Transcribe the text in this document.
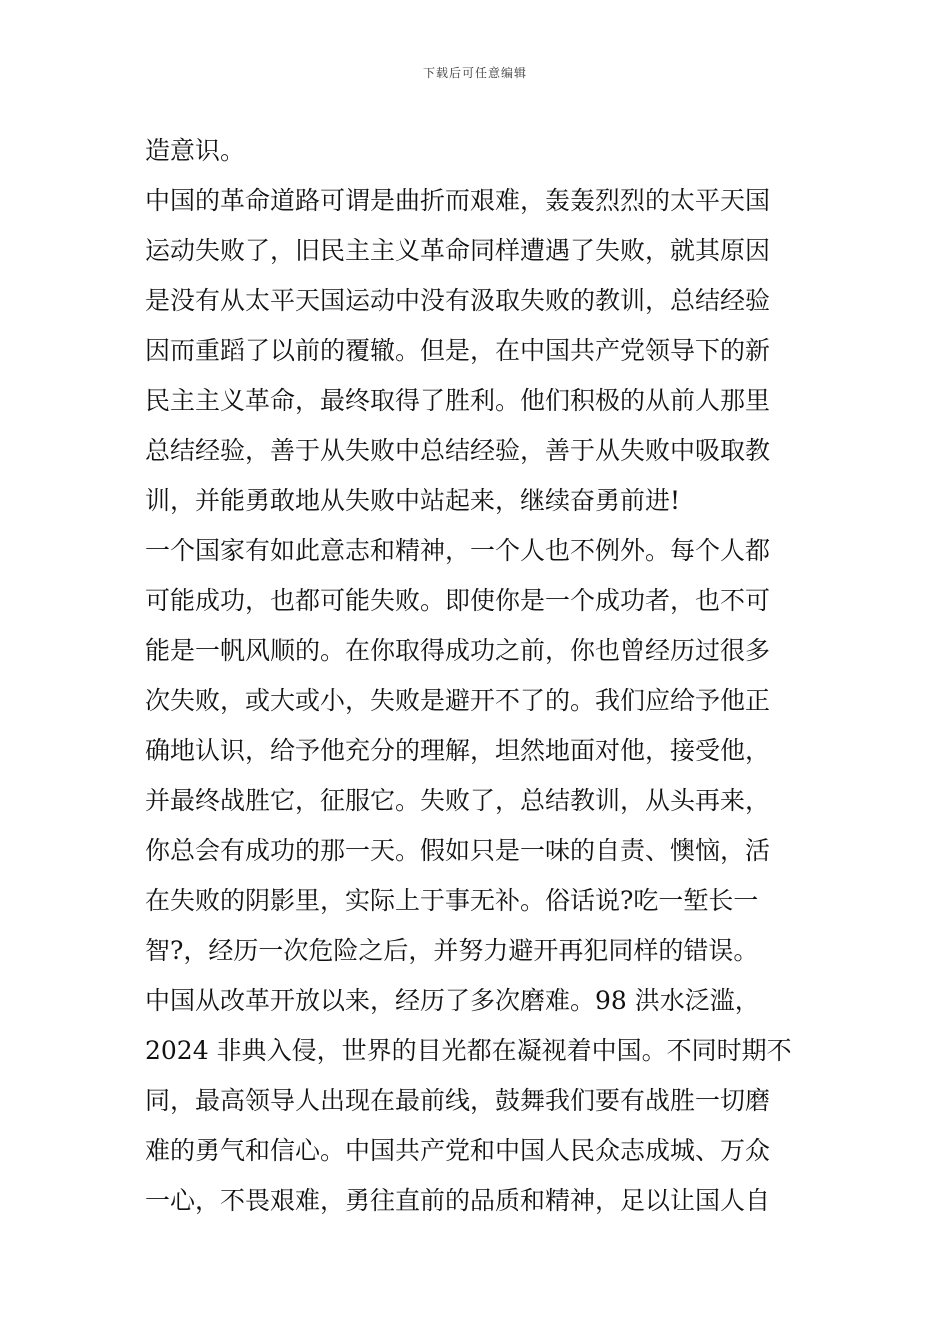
下载后可任意编辑
造意识。
中国的革命道路可谓是曲折而艰难，轰轰烈烈的太平天国
运动失败了，旧民主主义革命同样遭遇了失败，就其原因
是没有从太平天国运动中没有汲取失败的教训，总结经验
因而重蹈了以前的覆辙。但是，在中国共产党领导下的新
民主主义革命，最终取得了胜利。他们积极的从前人那里
总结经验，善于从失败中总结经验，善于从失败中吸取教
训，并能勇敢地从失败中站起来，继续奋勇前进!
一个国家有如此意志和精神，一个人也不例外。每个人都
可能成功，也都可能失败。即使你是一个成功者，也不可
能是一帆风顺的。在你取得成功之前，你也曾经历过很多
次失败，或大或小，失败是避开不了的。我们应给予他正
确地认识，给予他充分的理解，坦然地面对他，接受他，
并最终战胜它，征服它。失败了，总结教训，从头再来，
你总会有成功的那一天。假如只是一味的自责、懊恼，活
在失败的阴影里，实际上于事无补。俗话说?吃一堑长一
智?，经历一次危险之后，并努力避开再犯同样的错误。
中国从改革开放以来，经历了多次磨难。98 洪水泛滥，
2024 非典入侵，世界的目光都在凝视着中国。不同时期不
同，最高领导人出现在最前线，鼓舞我们要有战胜一切磨
难的勇气和信心。中国共产党和中国人民众志成城、万众
一心，不畏艰难，勇往直前的品质和精神，足以让国人自
